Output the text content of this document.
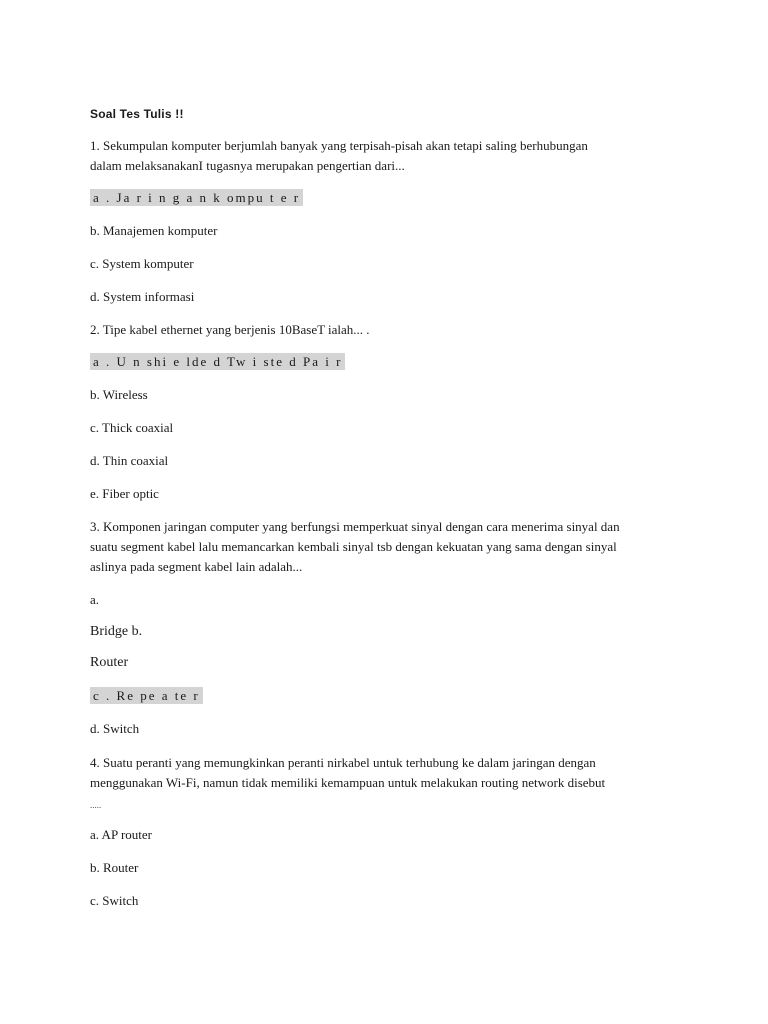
Soal Tes Tulis !!
1. Sekumpulan komputer berjumlah banyak yang terpisah-pisah akan tetapi saling berhubungan
dalam melaksanakanI tugasnya merupakan pengertian dari...
a . Ja r i n g a n k ompu t e r
b. Manajemen komputer
c. System komputer
d. System informasi
2. Tipe kabel ethernet yang berjenis 10BaseT ialah... .
a . U n shi e lde d Tw i ste d Pa i r
b. Wireless
c. Thick coaxial
d. Thin coaxial
e. Fiber optic
3. Komponen jaringan computer yang berfungsi memperkuat sinyal dengan cara menerima sinyal dan
suatu segment kabel lalu memancarkan kembali sinyal tsb dengan kekuatan yang sama dengan sinyal
aslinya pada segment kabel lain adalah...
a.
Bridge b.
Router
c . Re pe a te r
d. Switch
4. Suatu peranti yang memungkinkan peranti nirkabel untuk terhubung ke dalam jaringan dengan
menggunakan Wi-Fi, namun tidak memiliki kemampuan untuk melakukan routing network disebut
.....
a. AP router
b. Router
c. Switch
